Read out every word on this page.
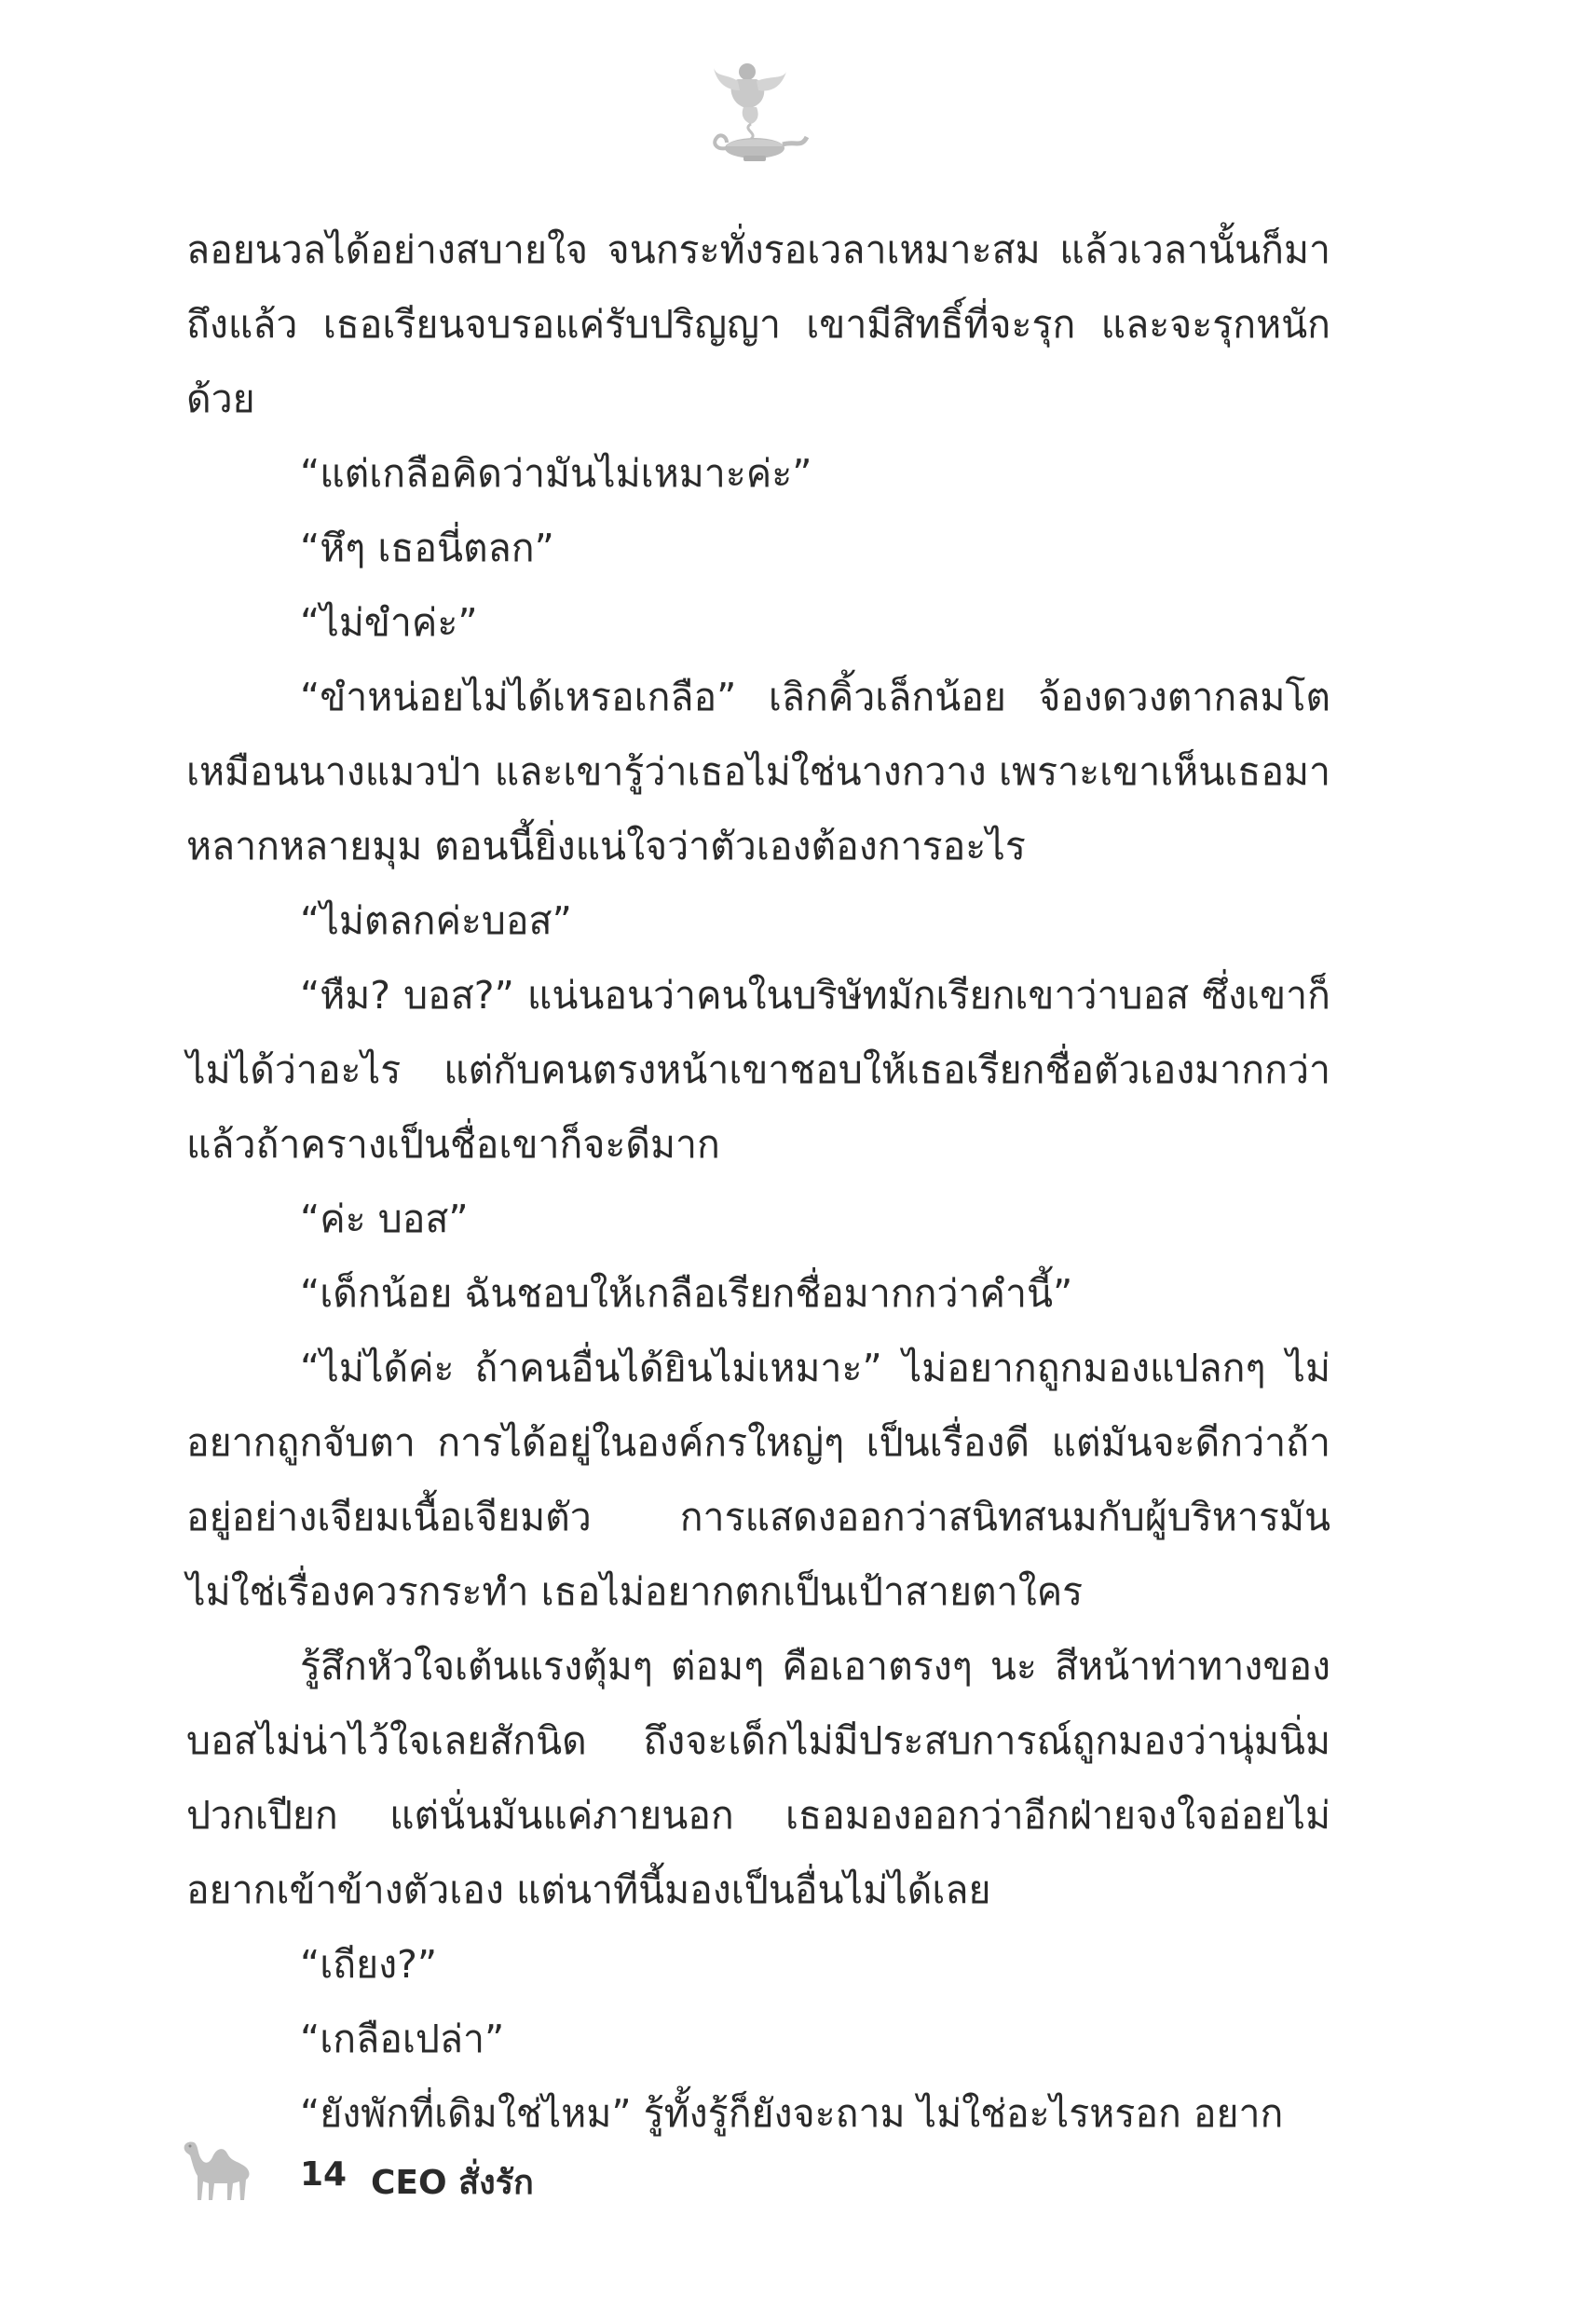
ลอยนวลได้อย่างสบายใจ จนกระทั่งรอเวลาเหมาะสม แล้วเวลานั้นก็มาถึงแล้ว เธอเรียนจบรอแค่รับปริญญา เขามีสิทธิ์ที่จะรุก และจะรุกหนักด้วย

“แต่เกลือคิดว่ามันไม่เหมาะค่ะ”

“หึๆ เธอนี่ตลก”

“ไม่ขำค่ะ”

“ขำหน่อยไม่ได้เหรอเกลือ” เลิกคิ้วเล็กน้อย จ้องดวงตากลมโตเหมือนนางแมวป่า และเขารู้ว่าเธอไม่ใช่นางกวาง เพราะเขาเห็นเธอมาหลากหลายมุม ตอนนี้ยิ่งแน่ใจว่าตัวเองต้องการอะไร

“ไม่ตลกค่ะบอส”

“หืม? บอส?” แน่นอนว่าคนในบริษัทมักเรียกเขาว่าบอส ซึ่งเขาก็ไม่ได้ว่าอะไร แต่กับคนตรงหน้าเขาชอบให้เธอเรียกชื่อตัวเองมากกว่า แล้วถ้าครางเป็นชื่อเขาก็จะดีมาก

“ค่ะ บอส”

“เด็กน้อย ฉันชอบให้เกลือเรียกชื่อมากกว่าคำนี้”

“ไม่ได้ค่ะ ถ้าคนอื่นได้ยินไม่เหมาะ” ไม่อยากถูกมองแปลกๆ ไม่อยากถูกจับตา การได้อยู่ในองค์กรใหญ่ๆ เป็นเรื่องดี แต่มันจะดีกว่าถ้าอยู่อย่างเจียมเนื้อเจียมตัว การแสดงออกว่าสนิทสนมกับผู้บริหารมันไม่ใช่เรื่องควรกระทำ เธอไม่อยากตกเป็นเป้าสายตาใคร

รู้สึกหัวใจเต้นแรงตุ้มๆ ต่อมๆ คือเอาตรงๆ นะ สีหน้าท่าทางของบอสไม่น่าไว้ใจเลยสักนิด ถึงจะเด็กไม่มีประสบการณ์ถูกมองว่านุ่มนิ่มปวกเปียก แต่นั่นมันแค่ภายนอก เธอมองออกว่าอีกฝ่ายจงใจอ่อยไม่อยากเข้าข้างตัวเอง แต่นาทีนี้มองเป็นอื่นไม่ได้เลย

“เถียง?”

“เกลือเปล่า”

“ยังพักที่เดิมใช่ไหม” รู้ทั้งรู้ก็ยังจะถาม ไม่ใช่อะไรหรอก อยาก

14 CEO สั่งรัก
